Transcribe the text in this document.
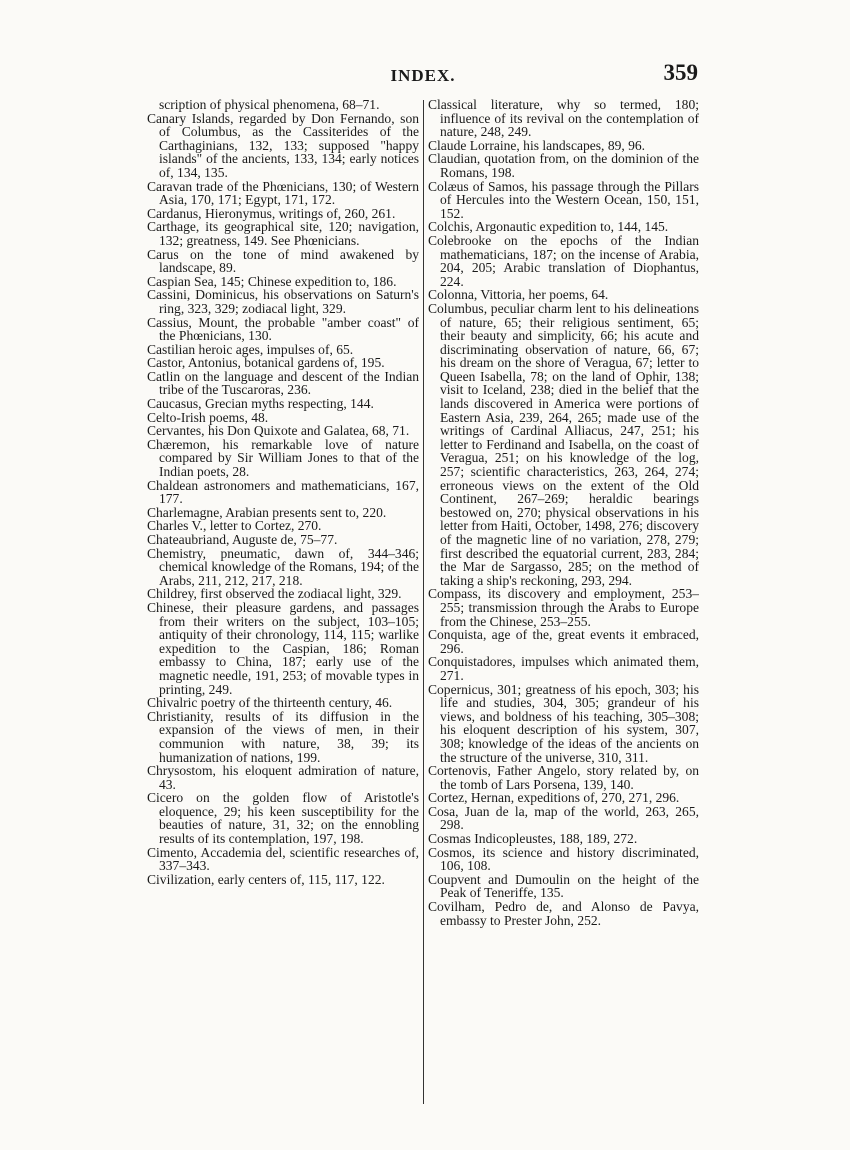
INDEX.	359

scription of physical phenomena, 68–71.

Canary Islands, regarded by Don Fernando, son of Columbus, as the Cassiterides of the Carthaginians, 132, 133; supposed "happy islands" of the ancients, 133, 134; early notices of, 134, 135.

Caravan trade of the Phœnicians, 130; of Western Asia, 170, 171; Egypt, 171, 172.

Cardanus, Hieronymus, writings of, 260, 261.

Carthage, its geographical site, 120; navigation, 132; greatness, 149. See Phœnicians.

Carus on the tone of mind awakened by landscape, 89.

Caspian Sea, 145; Chinese expedition to, 186.

Cassini, Dominicus, his observations on Saturn's ring, 323, 329; zodiacal light, 329.

Cassius, Mount, the probable "amber coast" of the Phœnicians, 130.

Castilian heroic ages, impulses of, 65.

Castor, Antonius, botanical gardens of, 195.

Catlin on the language and descent of the Indian tribe of the Tuscaroras, 236.

Caucasus, Grecian myths respecting, 144.

Celto-Irish poems, 48.

Cervantes, his Don Quixote and Galatea, 68, 71.

Chæremon, his remarkable love of nature compared by Sir William Jones to that of the Indian poets, 28.

Chaldean astronomers and mathematicians, 167, 177.

Charlemagne, Arabian presents sent to, 220.

Charles V., letter to Cortez, 270.

Chateaubriand, Auguste de, 75–77.

Chemistry, pneumatic, dawn of, 344–346; chemical knowledge of the Romans, 194; of the Arabs, 211, 212, 217, 218.

Childrey, first observed the zodiacal light, 329.

Chinese, their pleasure gardens, and passages from their writers on the subject, 103–105; antiquity of their chronology, 114, 115; warlike expedition to the Caspian, 186; Roman embassy to China, 187; early use of the magnetic needle, 191, 253; of movable types in printing, 249.

Chivalric poetry of the thirteenth century, 46.

Christianity, results of its diffusion in the expansion of the views of men, in their communion with nature, 38, 39; its humanization of nations, 199.

Chrysostom, his eloquent admiration of nature, 43.

Cicero on the golden flow of Aristotle's eloquence, 29; his keen susceptibility for the beauties of nature, 31, 32; on the ennobling results of its contemplation, 197, 198.

Cimento, Accademia del, scientific researches of, 337–343.

Civilization, early centers of, 115, 117, 122.

Classical literature, why so termed, 180; influence of its revival on the contemplation of nature, 248, 249.

Claude Lorraine, his landscapes, 89, 96.

Claudian, quotation from, on the dominion of the Romans, 198.

Colæus of Samos, his passage through the Pillars of Hercules into the Western Ocean, 150, 151, 152.

Colchis, Argonautic expedition to, 144, 145.

Colebrooke on the epochs of the Indian mathematicians, 187; on the incense of Arabia, 204, 205; Arabic translation of Diophantus, 224.

Colonna, Vittoria, her poems, 64.

Columbus, peculiar charm lent to his delineations of nature, 65; their religious sentiment, 65; their beauty and simplicity, 66; his acute and discriminating observation of nature, 66, 67; his dream on the shore of Veragua, 67; letter to Queen Isabella, 78; on the land of Ophir, 138; visit to Iceland, 238; died in the belief that the lands discovered in America were portions of Eastern Asia, 239, 264, 265; made use of the writings of Cardinal Alliacus, 247, 251; his letter to Ferdinand and Isabella, on the coast of Veragua, 251; on his knowledge of the log, 257; scientific characteristics, 263, 264, 274; erroneous views on the extent of the Old Continent, 267–269; heraldic bearings bestowed on, 270; physical observations in his letter from Haiti, October, 1498, 276; discovery of the magnetic line of no variation, 278, 279; first described the equatorial current, 283, 284; the Mar de Sargasso, 285; on the method of taking a ship's reckoning, 293, 294.

Compass, its discovery and employment, 253–255; transmission through the Arabs to Europe from the Chinese, 253–255.

Conquista, age of the, great events it embraced, 296.

Conquistadores, impulses which animated them, 271.

Copernicus, 301; greatness of his epoch, 303; his life and studies, 304, 305; grandeur of his views, and boldness of his teaching, 305–308; his eloquent description of his system, 307, 308; knowledge of the ideas of the ancients on the structure of the universe, 310, 311.

Cortenovis, Father Angelo, story related by, on the tomb of Lars Porsena, 139, 140.

Cortez, Hernan, expeditions of, 270, 271, 296.

Cosa, Juan de la, map of the world, 263, 265, 298.

Cosmas Indicopleustes, 188, 189, 272.

Cosmos, its science and history discriminated, 106, 108.

Coupvent and Dumoulin on the height of the Peak of Teneriffe, 135.

Covilham, Pedro de, and Alonso de Pavya, embassy to Prester John, 252.
